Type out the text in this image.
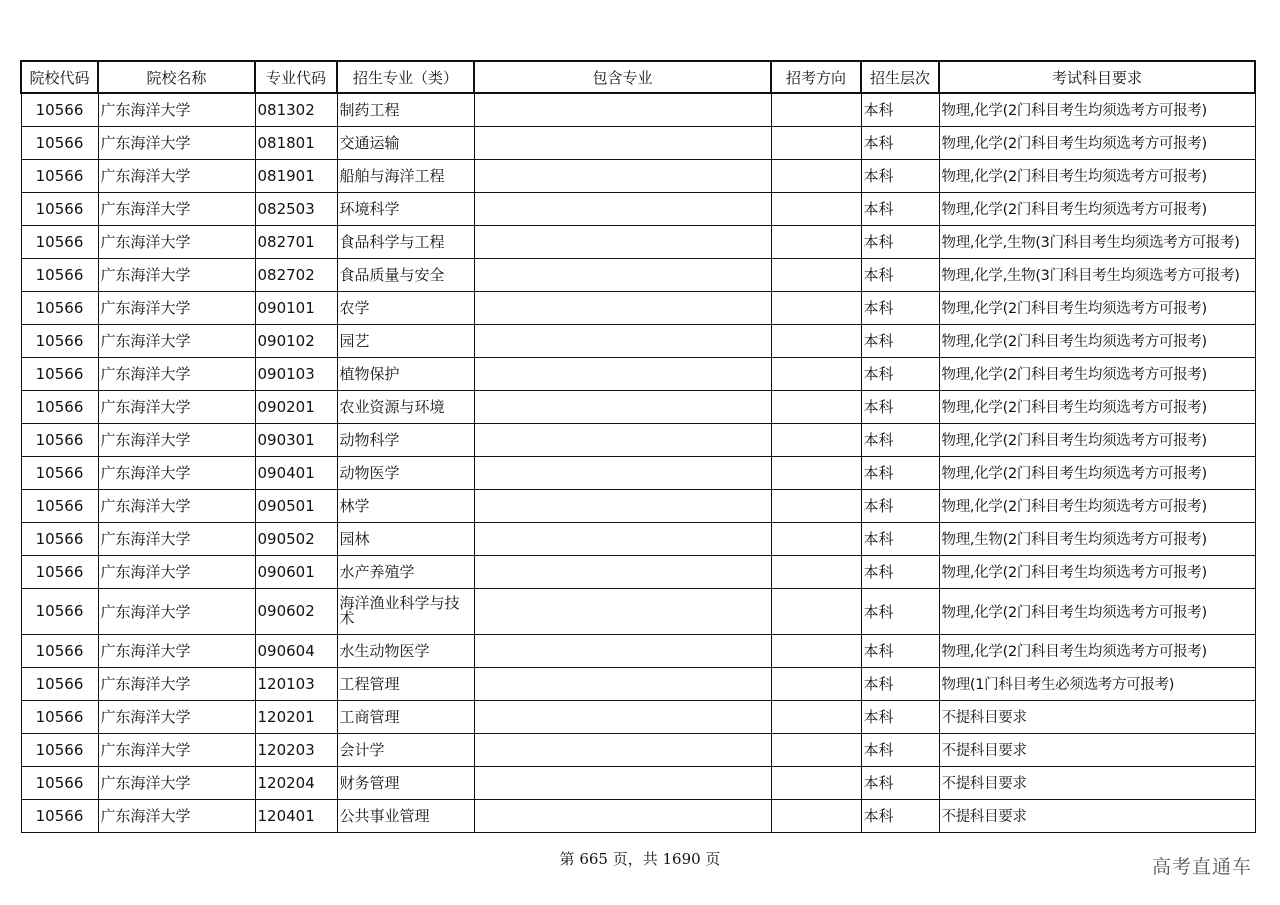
院校代码	院校名称	专业代码	招生专业（类）	包含专业	招考方向	招生层次	考试科目要求
10566	广东海洋大学	081302	制药工程			本科	物理,化学(2门科目考生均须选考方可报考)
10566	广东海洋大学	081801	交通运输			本科	物理,化学(2门科目考生均须选考方可报考)
10566	广东海洋大学	081901	船舶与海洋工程			本科	物理,化学(2门科目考生均须选考方可报考)
10566	广东海洋大学	082503	环境科学			本科	物理,化学(2门科目考生均须选考方可报考)
10566	广东海洋大学	082701	食品科学与工程			本科	物理,化学,生物(3门科目考生均须选考方可报考)
10566	广东海洋大学	082702	食品质量与安全			本科	物理,化学,生物(3门科目考生均须选考方可报考)
10566	广东海洋大学	090101	农学			本科	物理,化学(2门科目考生均须选考方可报考)
10566	广东海洋大学	090102	园艺			本科	物理,化学(2门科目考生均须选考方可报考)
10566	广东海洋大学	090103	植物保护			本科	物理,化学(2门科目考生均须选考方可报考)
10566	广东海洋大学	090201	农业资源与环境			本科	物理,化学(2门科目考生均须选考方可报考)
10566	广东海洋大学	090301	动物科学			本科	物理,化学(2门科目考生均须选考方可报考)
10566	广东海洋大学	090401	动物医学			本科	物理,化学(2门科目考生均须选考方可报考)
10566	广东海洋大学	090501	林学			本科	物理,化学(2门科目考生均须选考方可报考)
10566	广东海洋大学	090502	园林			本科	物理,生物(2门科目考生均须选考方可报考)
10566	广东海洋大学	090601	水产养殖学			本科	物理,化学(2门科目考生均须选考方可报考)
10566	广东海洋大学	090602	海洋渔业科学与技术			本科	物理,化学(2门科目考生均须选考方可报考)
10566	广东海洋大学	090604	水生动物医学			本科	物理,化学(2门科目考生均须选考方可报考)
10566	广东海洋大学	120103	工程管理			本科	物理(1门科目考生必须选考方可报考)
10566	广东海洋大学	120201	工商管理			本科	不提科目要求
10566	广东海洋大学	120203	会计学			本科	不提科目要求
10566	广东海洋大学	120204	财务管理			本科	不提科目要求
10566	广东海洋大学	120401	公共事业管理			本科	不提科目要求
第 665 页，共 1690 页	高考直通车
